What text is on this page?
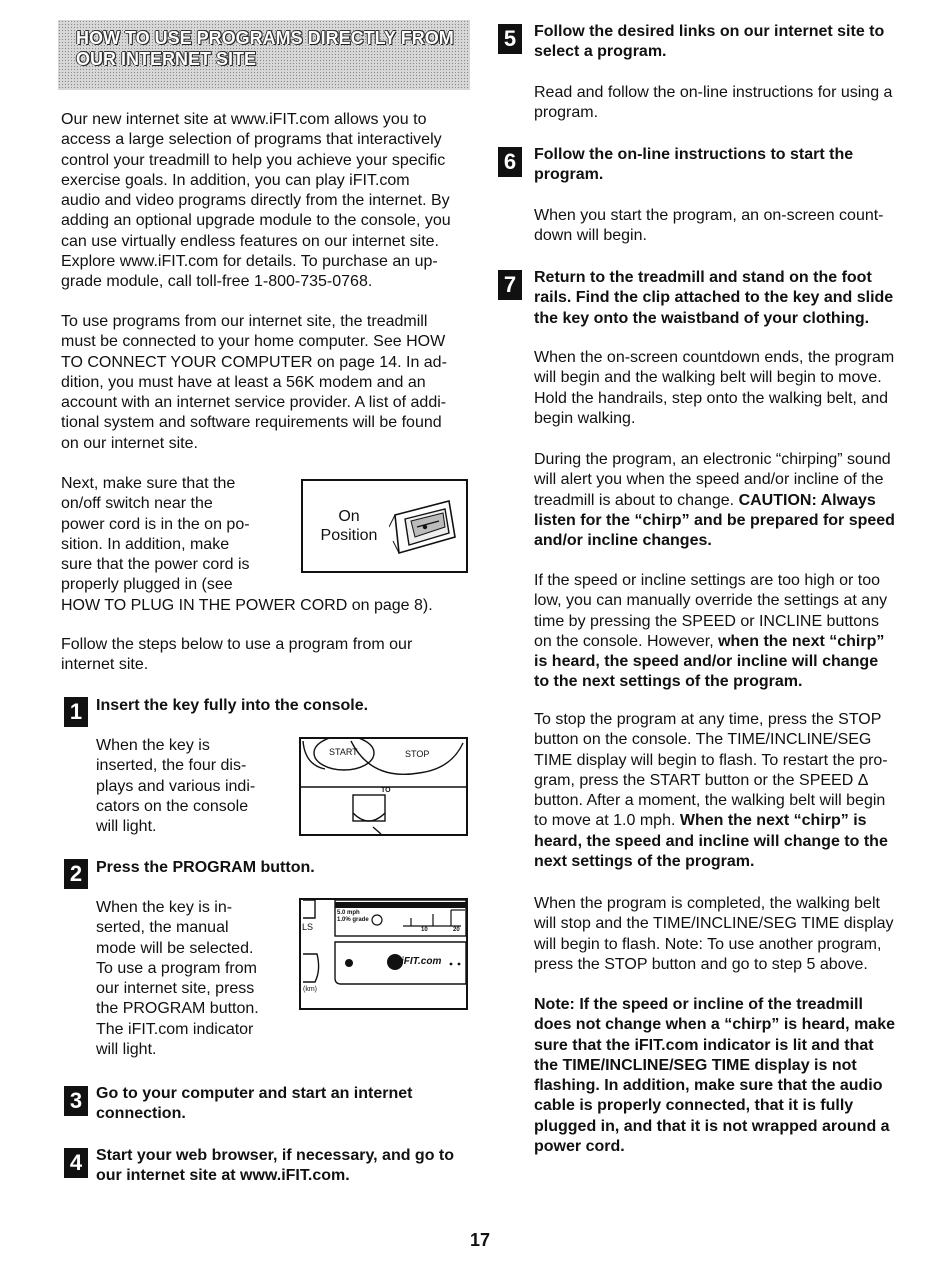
HOW TO USE PROGRAMS DIRECTLY FROM
OUR INTERNET SITE

Our new internet site at www.iFIT.com allows you to

access a large selection of programs that interactively

control your treadmill to help you achieve your specific

exercise goals. In addition, you can play iFIT.com

audio and video programs directly from the internet. By

adding an optional upgrade module to the console, you

can use virtually endless features on our internet site.

Explore www.iFIT.com for details. To purchase an up-

grade module, call toll-free 1-800-735-0768.

To use programs from our internet site, the treadmill

must be connected to your home computer. See HOW

TO CONNECT YOUR COMPUTER on page 14. In ad-

dition, you must have at least a 56K modem and an

account with an internet service provider. A list of addi-

tional system and software requirements will be found

on our internet site.

Next, make sure that the

on/off switch near the

power cord is in the on po-

sition. In addition, make

sure that the power cord is

properly plugged in (see

HOW TO PLUG IN THE POWER CORD on page 8).

On
Position

Follow the steps below to use a program from our

internet site.

1 Insert the key fully into the console.

When the key is

inserted, the four dis-

plays and various indi-

cators on the console

will light.

START	STOP
TO
2 Press the PROGRAM button.

When the key is in-

serted, the manual

mode will be selected.

To use a program from

our internet site, press

the PROGRAM button.

The iFIT.com indicator

will light.

5.0 mph
1.0% grade
LS
(km)
10	20
iFIT.com
3 Go to your computer and start an internet
connection.
4 Start your web browser, if necessary, and go to
our internet site at www.iFIT.com.
5	Follow the desired links on our internet site to
select a program.

Read and follow the on-line instructions for using a

program.

6	Follow the on-line instructions to start the
program.

When you start the program, an on-screen count-

down will begin.

7	Return to the treadmill and stand on the foot
rails. Find the clip attached to the key and slide
the key onto the waistband of your clothing.

When the on-screen countdown ends, the program

will begin and the walking belt will begin to move.

Hold the handrails, step onto the walking belt, and

begin walking.

During the program, an electronic “chirping” sound

will alert you when the speed and/or incline of the

treadmill is about to change. CAUTION: Always

listen for the “chirp” and be prepared for speed

and/or incline changes.

If the speed or incline settings are too high or too

low, you can manually override the settings at any

time by pressing the SPEED or INCLINE buttons

on the console. However, when the next “chirp”

is heard, the speed and/or incline will change

to the next settings of the program.

To stop the program at any time, press the STOP

button on the console. The TIME/INCLINE/SEG

TIME display will begin to flash. To restart the pro-

gram, press the START button or the SPEED Δ

button. After a moment, the walking belt will begin

to move at 1.0 mph. When the next “chirp” is

heard, the speed and incline will change to the

next settings of the program.

When the program is completed, the walking belt

will stop and the TIME/INCLINE/SEG TIME display

will begin to flash. Note: To use another program,

press the STOP button and go to step 5 above.

Note: If the speed or incline of the treadmill

does not change when a “chirp” is heard, make

sure that the iFIT.com indicator is lit and that

the TIME/INCLINE/SEG TIME display is not

flashing. In addition, make sure that the audio

cable is properly connected, that it is fully

plugged in, and that it is not wrapped around a

power cord.

17
